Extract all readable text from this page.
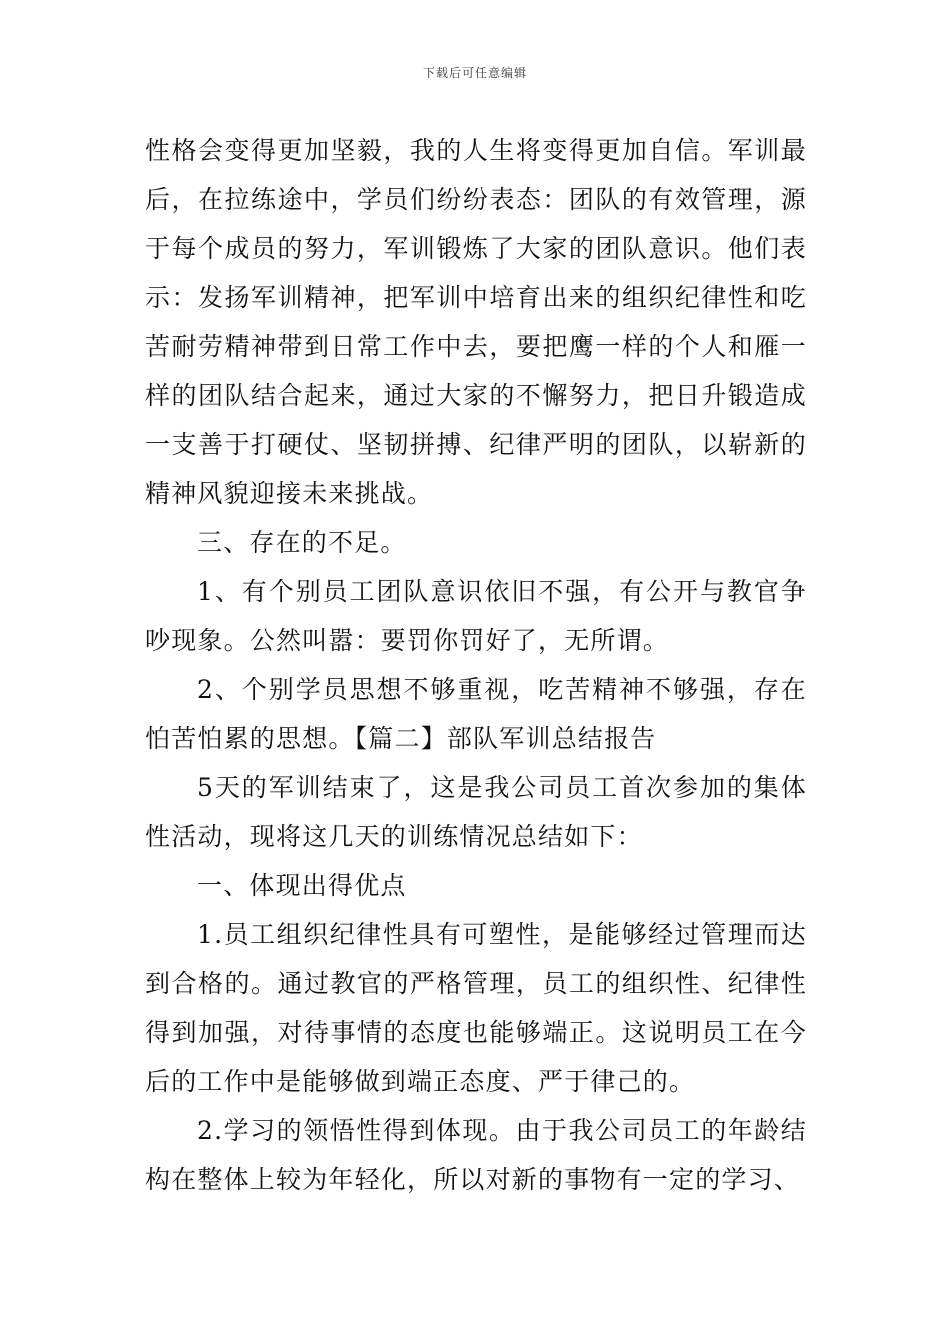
下载后可任意编辑

性格会变得更加坚毅，我的人生将变得更加自信。军训最后，在拉练途中，学员们纷纷表态：团队的有效管理，源于每个成员的努力，军训锻炼了大家的团队意识。他们表示：发扬军训精神，把军训中培育出来的组织纪律性和吃苦耐劳精神带到日常工作中去，要把鹰一样的个人和雁一样的团队结合起来，通过大家的不懈努力，把日升锻造成一支善于打硬仗、坚韧拼搏、纪律严明的团队，以崭新的精神风貌迎接未来挑战。

三、存在的不足。

1、有个别员工团队意识依旧不强，有公开与教官争吵现象。公然叫嚣：要罚你罚好了，无所谓。

2、个别学员思想不够重视，吃苦精神不够强，存在怕苦怕累的思想。【篇二】部队军训总结报告

5天的军训结束了，这是我公司员工首次参加的集体性活动，现将这几天的训练情况总结如下：

一、体现出得优点

1.员工组织纪律性具有可塑性，是能够经过管理而达到合格的。通过教官的严格管理，员工的组织性、纪律性得到加强，对待事情的态度也能够端正。这说明员工在今后的工作中是能够做到端正态度、严于律己的。

2.学习的领悟性得到体现。由于我公司员工的年龄结构在整体上较为年轻化，所以对新的事物有一定的学习、
